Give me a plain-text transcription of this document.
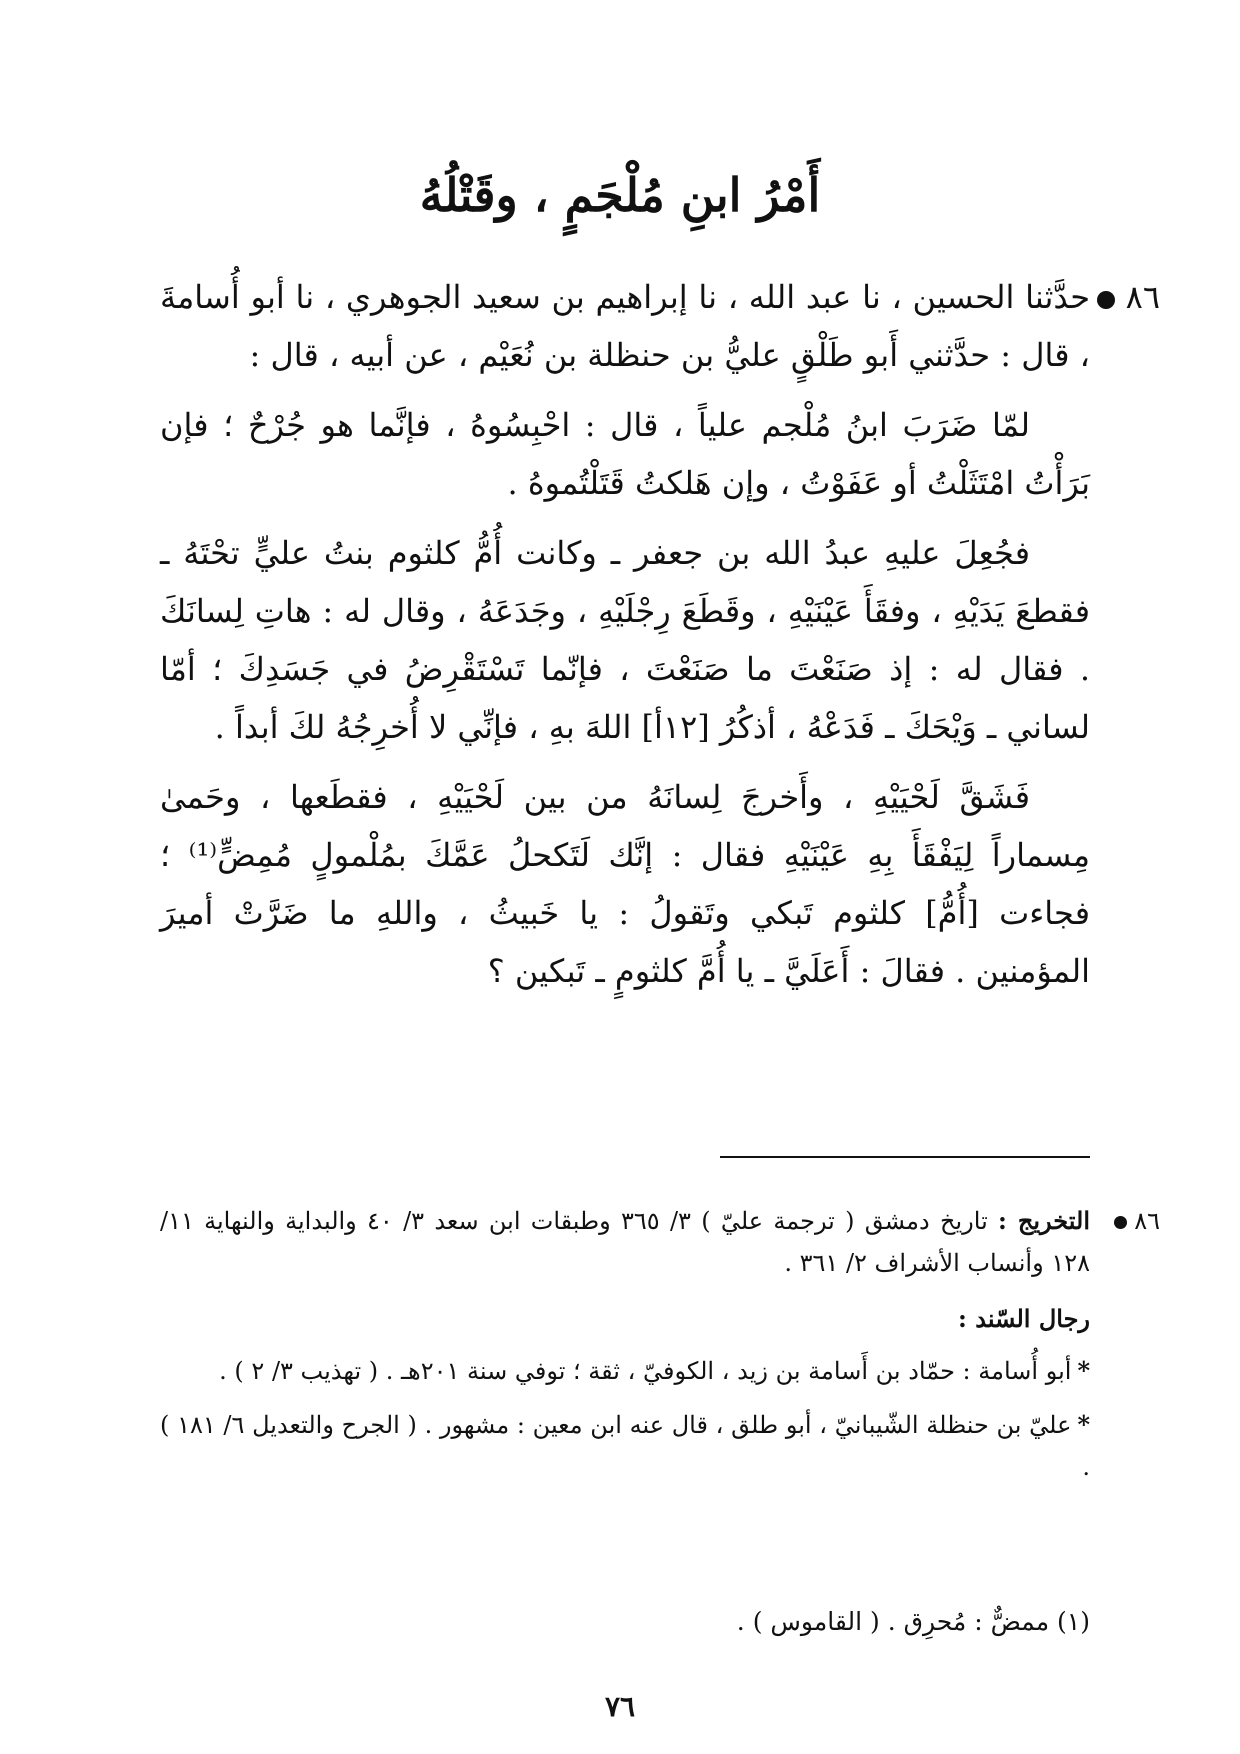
أَمْرُ ابنِ مُلْجَمٍ ، وقَتْلُهُ
٨٦

حدَّثنا الحسين ، نا عبد الله ، نا إبراهيم بن سعيد الجوهري ، نا أبو أُسامةَ ، قال : حدَّثني أَبو طَلْقٍ عليُّ بن حنظلة بن نُعَيْم ، عن أبيه ، قال :

لمّا ضَرَبَ ابنُ مُلْجم علياً ، قال : احْبِسُوهُ ، فإنَّما هو جُرْحٌ ؛ فإن بَرَأْتُ امْتَثَلْتُ أو عَفَوْتُ ، وإن هَلكتُ قَتَلْتُموهُ .

فجُعِلَ عليهِ عبدُ الله بن جعفر ـ وكانت أُمُّ كلثوم بنتُ عليٍّ تحْتَهُ ـ فقطعَ يَدَيْهِ ، وفقَأَ عَيْنَيْهِ ، وقَطَعَ رِجْلَيْهِ ، وجَدَعَهُ ، وقال له : هاتِ لِسانَكَ . فقال له : إذ صَنَعْتَ ما صَنَعْتَ ، فإنّما تَسْتَقْرِضُ في جَسَدِكَ ؛ أمّا لساني ـ وَيْحَكَ ـ فَدَعْهُ ، أذكُرُ [١٢أ] اللهَ بهِ ، فإنِّي لا أُخرِجُهُ لكَ أبداً .

فَشَقَّ لَحْيَيْهِ ، وأَخرجَ لِسانَهُ من بين لَحْيَيْهِ ، فقطَعها ، وحَمىٰ مِسماراً لِيَفْقَأَ بِهِ عَيْنَيْهِ فقال : إنَّك لَتَكحلُ عَمَّكَ بمُلْمولٍ مُمِضٍّ⁽¹⁾ ؛ فجاءت [أُمُّ] كلثوم تَبكي وتَقولُ : يا خَبيثُ ، واللهِ ما ضَرَّتْ أميرَ المؤمنين . فقالَ : أَعَلَيَّ ـ يا أُمَّ كلثومٍ ـ تَبكين ؟

٨٦
التخريج : تاريخ دمشق ( ترجمة عليّ ) ٣/ ٣٦٥ وطبقات ابن سعد ٣/ ٤٠ والبداية والنهاية ١١/ ١٢٨ وأنساب الأشراف ٢/ ٣٦١ .

رجال السّند :

*أبو أُسامة : حمّاد بن أَسامة بن زيد ، الكوفيّ ، ثقة ؛ توفي سنة ٢٠١هـ . ( تهذيب ٣/ ٢ ) .

*عليّ بن حنظلة الشّيبانيّ ، أبو طلق ، قال عنه ابن معين : مشهور . ( الجرح والتعديل ٦/ ١٨١ ) .

(١) ممضٌّ : مُحرِق . ( القاموس ) .
٧٦
